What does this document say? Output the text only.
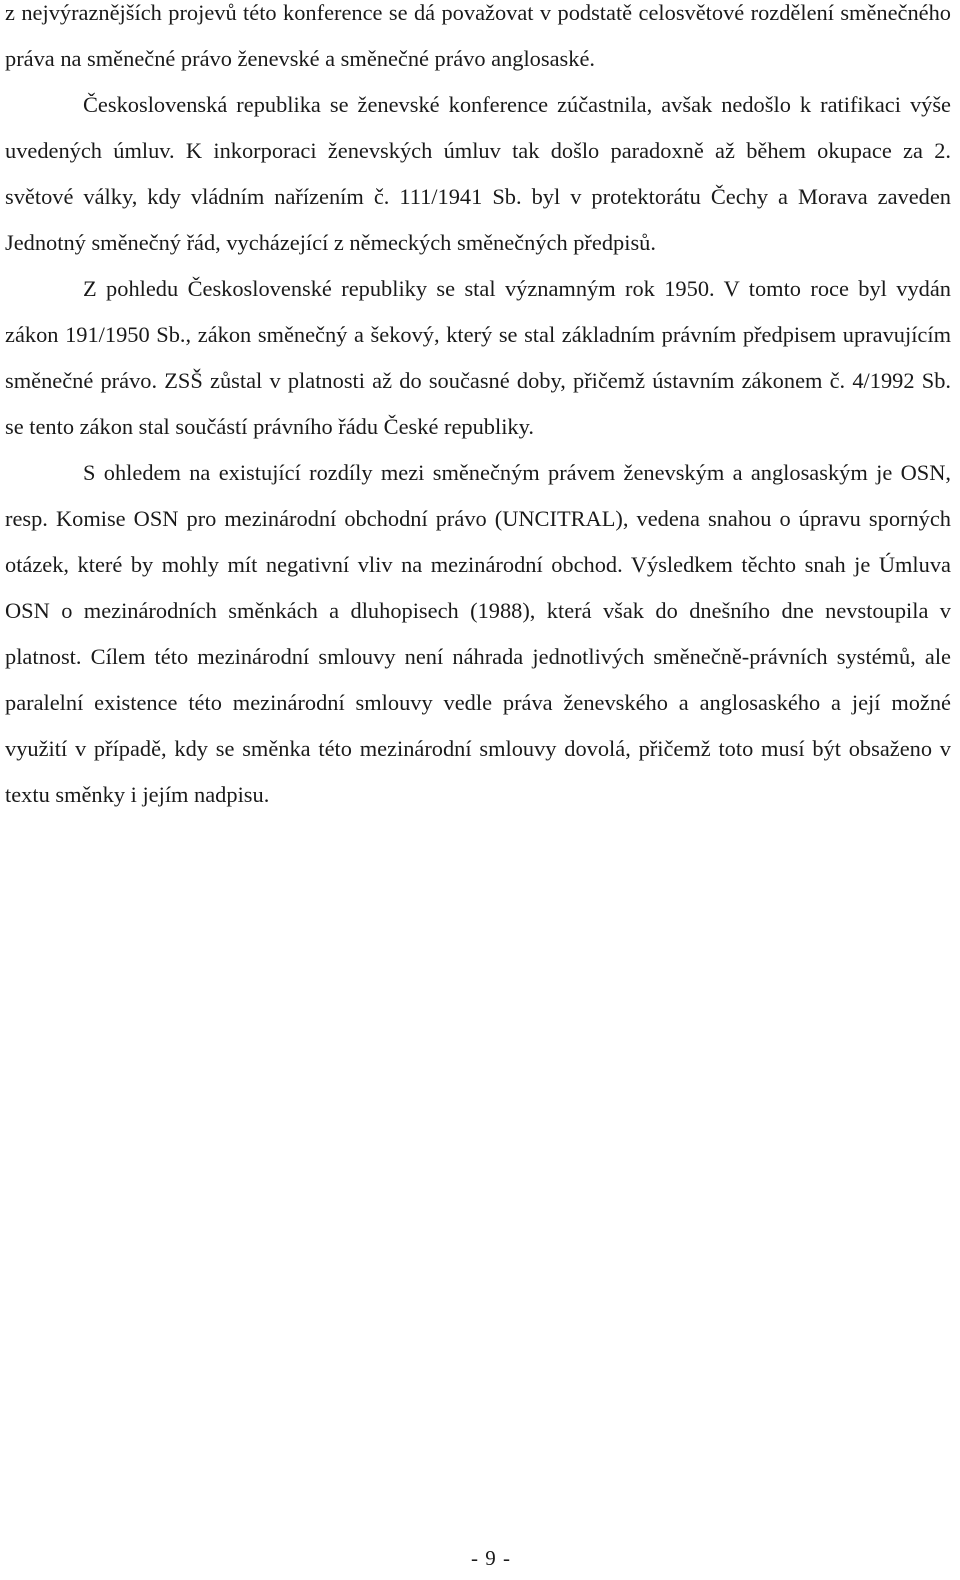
z nejvýraznějších projevů této konference se dá považovat v podstatě celosvětové rozdělení směnečného práva na směnečné právo ženevské a směnečné právo anglosaské.

Československá republika se ženevské konference zúčastnila, avšak nedošlo k ratifikaci výše uvedených úmluv. K inkorporaci ženevských úmluv tak došlo paradoxně až během okupace za 2. světové války, kdy vládním nařízením č. 111/1941 Sb. byl v protektorátu Čechy a Morava zaveden Jednotný směnečný řád, vycházející z německých směnečných předpisů.

Z pohledu Československé republiky se stal významným rok 1950. V tomto roce byl vydán zákon 191/1950 Sb., zákon směnečný a šekový, který se stal základním právním předpisem upravujícím směnečné právo. ZSŠ zůstal v platnosti až do současné doby, přičemž ústavním zákonem č. 4/1992 Sb. se tento zákon stal součástí právního řádu České republiky.

S ohledem na existující rozdíly mezi směnečným právem ženevským a anglosaským je OSN, resp. Komise OSN pro mezinárodní obchodní právo (UNCITRAL), vedena snahou o úpravu sporných otázek, které by mohly mít negativní vliv na mezinárodní obchod. Výsledkem těchto snah je Úmluva OSN o mezinárodních směnkách a dluhopisech (1988), která však do dnešního dne nevstoupila v platnost. Cílem této mezinárodní smlouvy není náhrada jednotlivých směnečně-právních systémů, ale paralelní existence této mezinárodní smlouvy vedle práva ženevského a anglosaského a její možné využití v případě, kdy se směnka této mezinárodní smlouvy dovolá, přičemž toto musí být obsaženo v textu směnky i jejím nadpisu.

- 9 -
